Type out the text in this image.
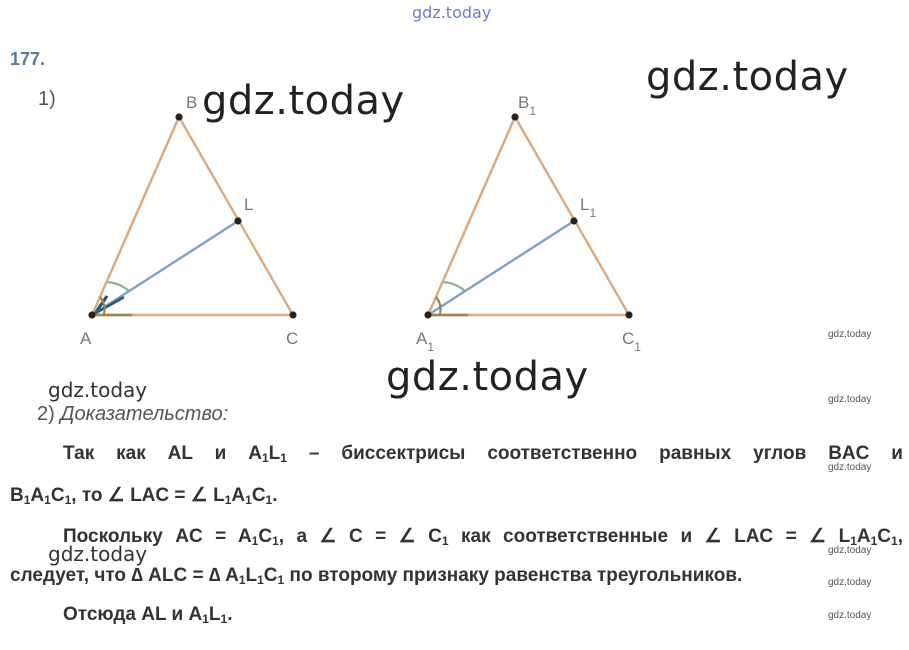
gdz.today
177.
1)
A
B
C
L
$A_1$
$B_1$
$C_1$
$L_1$
gdz.today
gdz.today
gdz.today
gdz.today
gdz.today
gdz.today
gdz.today
gdz.today
gdz.today
gdz.today
gdz.today
2) Доказательство:
Так как AL и $A_1L_1$ – биссектрисы соответственно равных углов BAC и
$B_1A_1C_1$, то ∠ LAC = ∠ $L_1A_1C_1$.
Поскольку AC = $A_1C_1$, а ∠ C = ∠ $C_1$ как соответственные и ∠ LAC = ∠ $L_1A_1C_1$,
следует, что ∆ ALC = ∆ $A_1L_1C_1$ по второму признаку равенства треугольников.
Отсюда AL и $A_1L_1$.
